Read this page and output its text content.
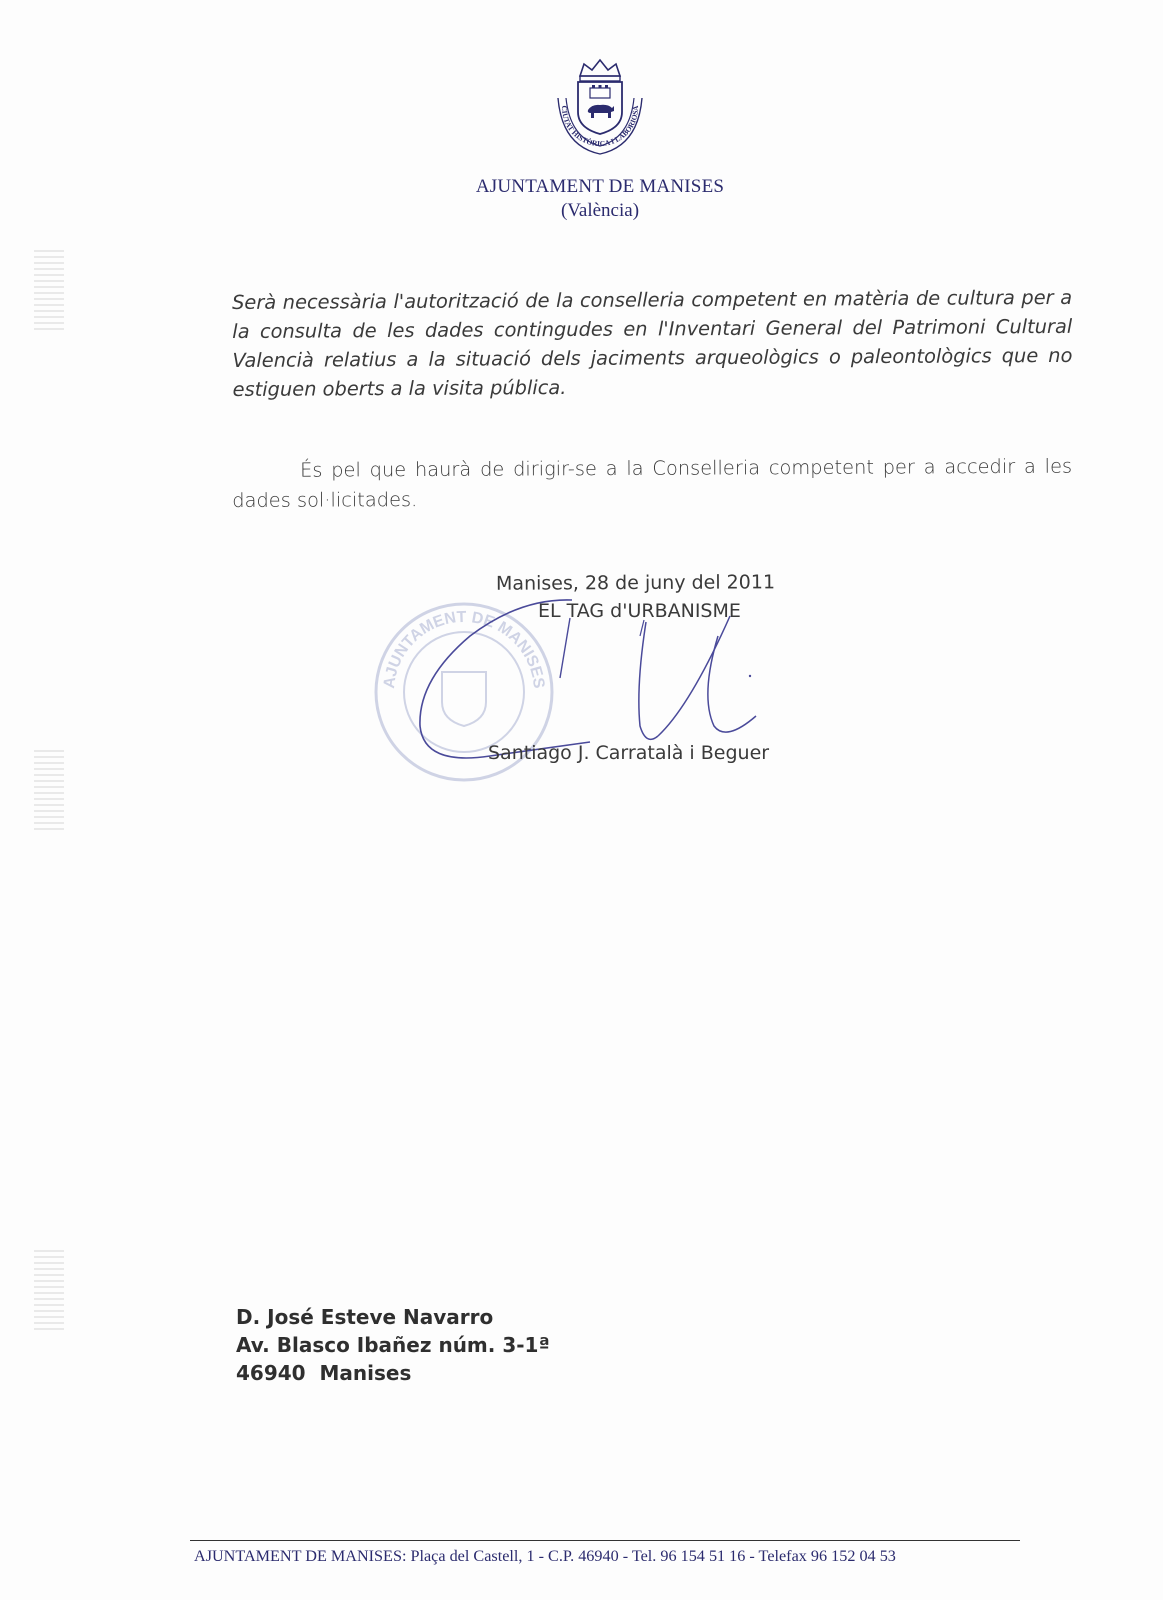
CIUTAT HISTÒRICA I LABORIOSA
AJUNTAMENT DE MANISES
(València)
Serà necessària l'autorització de la conselleria competent en matèria de cultura per a la consulta de les dades contingudes en l'Inventari General del Patrimoni Cultural Valencià relatius a la situació dels jaciments arqueològics o paleontològics que no estiguen oberts a la visita pública.
És pel que haurà de dirigir-se a la Conselleria competent per a accedir a les dades sol·licitades.
AJUNTAMENT DE MANISES
Manises, 28 de juny del 2011
EL TAG d'URBANISME
Santiago J. Carratalà i Beguer
D. José Esteve Navarro
Av. Blasco Ibañez núm. 3-1ª
46940  Manises
AJUNTAMENT DE MANISES: Plaça del Castell, 1 - C.P. 46940 - Tel. 96 154 51 16 - Telefax 96 152 04 53
